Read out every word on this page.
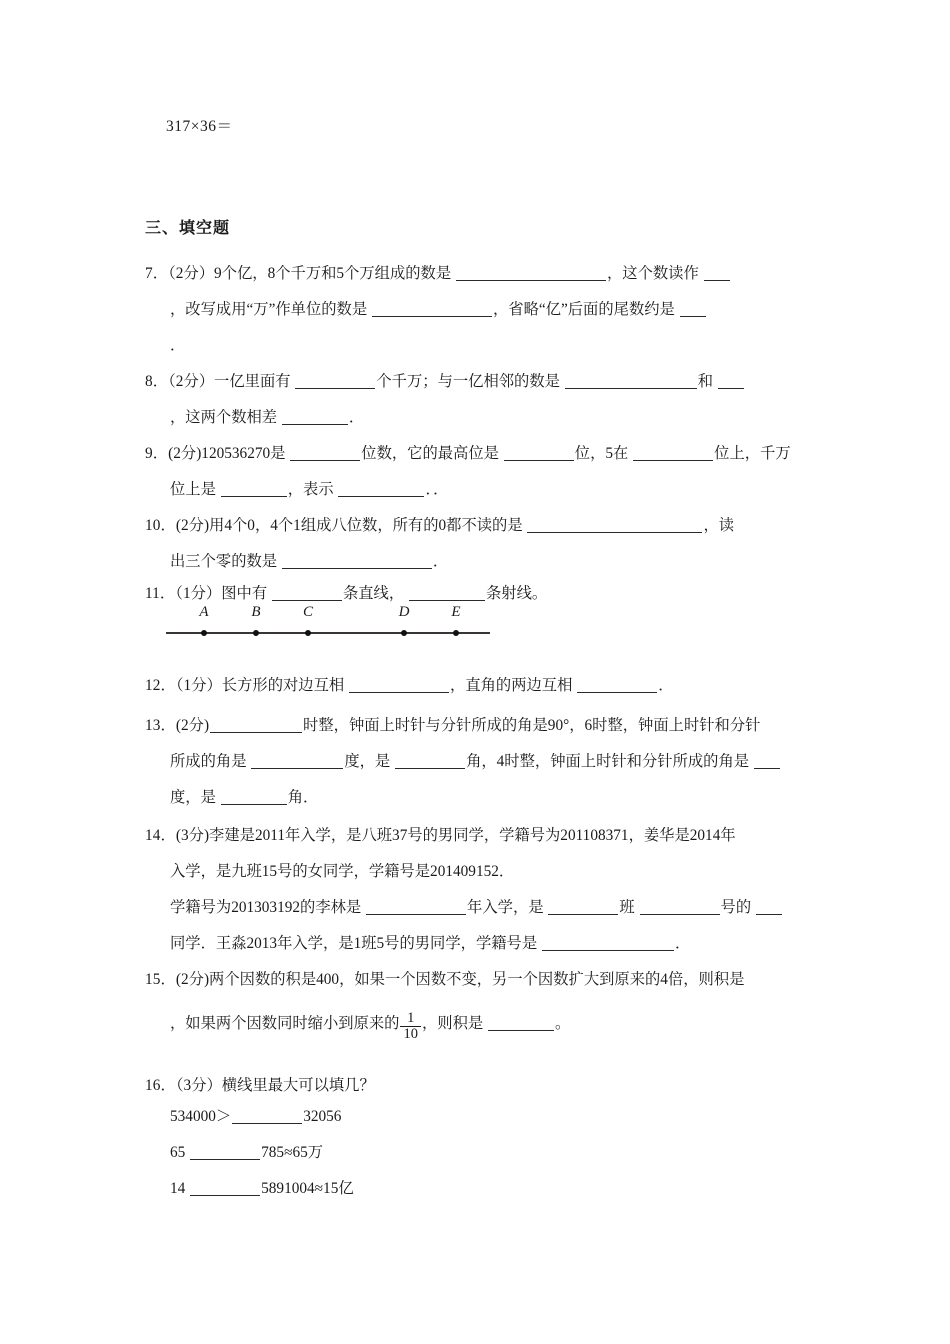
317×36＝
三、填空题
7．（2分）9个亿，8个千万和5个万组成的数是	，这个数读作
，改写成用“万”作单位的数是	，省略“亿”后面的尾数约是
．
8．（2分）一亿里面有	个千万；与一亿相邻的数是	和
，这两个数相差	．
9．(2分)120536270是	位数，它的最高位是	位，5在	位上，千万
位上是	，表示	．．
10．(2分)用4个0，4个1组成八位数，所有的0都不读的是	，读
出三个零的数是	．
11．（1分）图中有	条直线，	条射线。
A	B	C	D	E
12．（1分）长方形的对边互相	，直角的两边互相	．
13．(2分)	时整，钟面上时针与分针所成的角是90°，6时整，钟面上时针和分针
所成的角是	度，是	角，4时整，钟面上时针和分针所成的角是
度，是	角．
14．(3分)李建是2011年入学，是八班37号的男同学，学籍号为201108371，姜华是2014年
入学，是九班15号的女同学，学籍号是201409152．
学籍号为201303192的李林是	年入学，是	班	号的
同学．王淼2013年入学，是1班5号的男同学，学籍号是	．
15．(2分)两个因数的积是400，如果一个因数不变，另一个因数扩大到原来的4倍，则积是
，如果两个因数同时缩小到原来的 $\frac{1}{10}$ ，则积是	。
16．（3分）横线里最大可以填几？
534000＞	32056
65	785≈65万
14	5891004≈15亿
